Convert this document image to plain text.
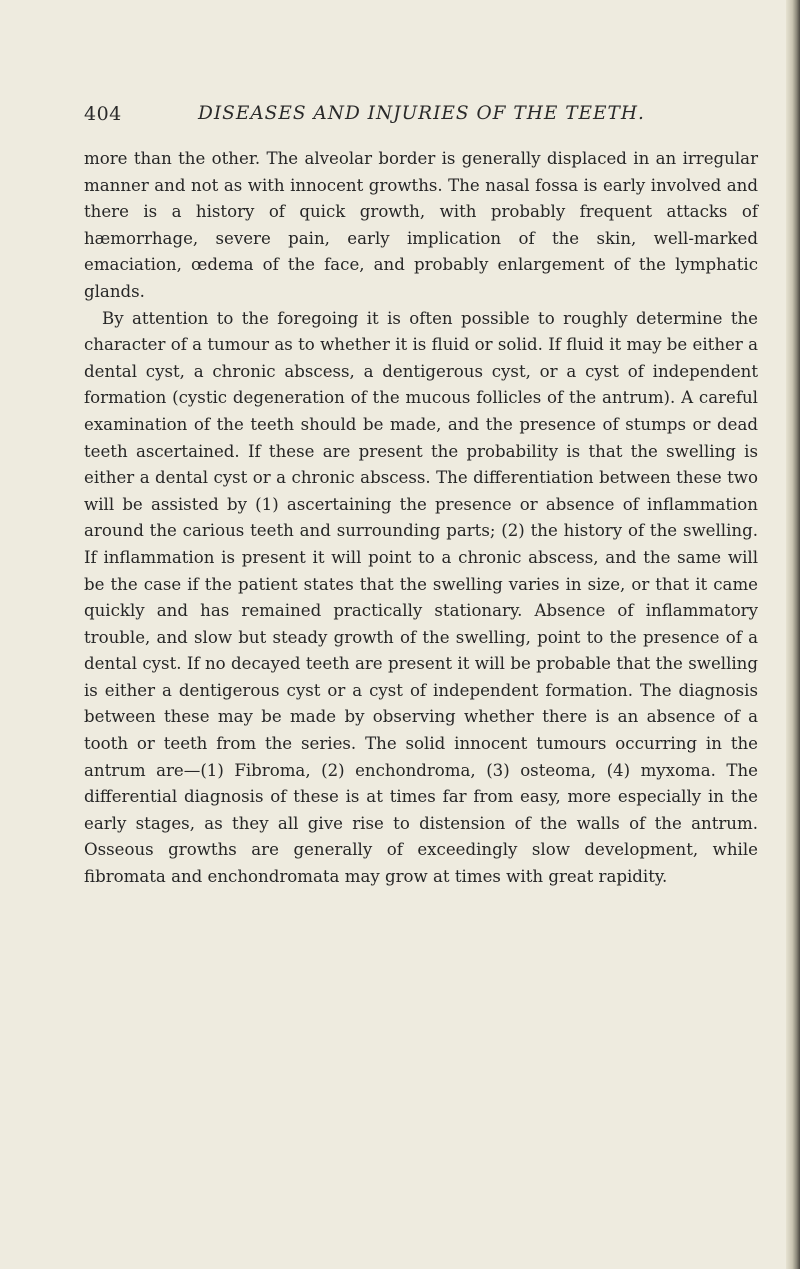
404	DISEASES AND INJURIES OF THE TEETH.

more than the other. The alveolar border is generally displaced in an irregular manner and not as with innocent growths. The nasal fossa is early involved and there is a history of quick growth, with probably frequent attacks of hæmorrhage, severe pain, early implication of the skin, well-marked emaciation, œdema of the face, and probably enlargement of the lymphatic glands.

By attention to the foregoing it is often possible to roughly determine the character of a tumour as to whether it is fluid or solid. If fluid it may be either a dental cyst, a chronic abscess, a dentigerous cyst, or a cyst of independent formation (cystic degeneration of the mucous follicles of the antrum). A careful examination of the teeth should be made, and the presence of stumps or dead teeth ascertained. If these are present the probability is that the swelling is either a dental cyst or a chronic abscess. The differentiation between these two will be assisted by (1) ascertaining the presence or absence of inflammation around the carious teeth and surrounding parts; (2) the history of the swelling. If inflammation is present it will point to a chronic abscess, and the same will be the case if the patient states that the swelling varies in size, or that it came quickly and has remained practically stationary. Absence of inflammatory trouble, and slow but steady growth of the swelling, point to the presence of a dental cyst. If no decayed teeth are present it will be probable that the swelling is either a dentigerous cyst or a cyst of independent formation. The diagnosis between these may be made by observing whether there is an absence of a tooth or teeth from the series. The solid innocent tumours occurring in the antrum are—(1) Fibroma, (2) enchondroma, (3) osteoma, (4) myxoma. The differential diagnosis of these is at times far from easy, more especially in the early stages, as they all give rise to distension of the walls of the antrum. Osseous growths are generally of exceedingly slow development, while fibromata and enchondromata may grow at times with great rapidity.
